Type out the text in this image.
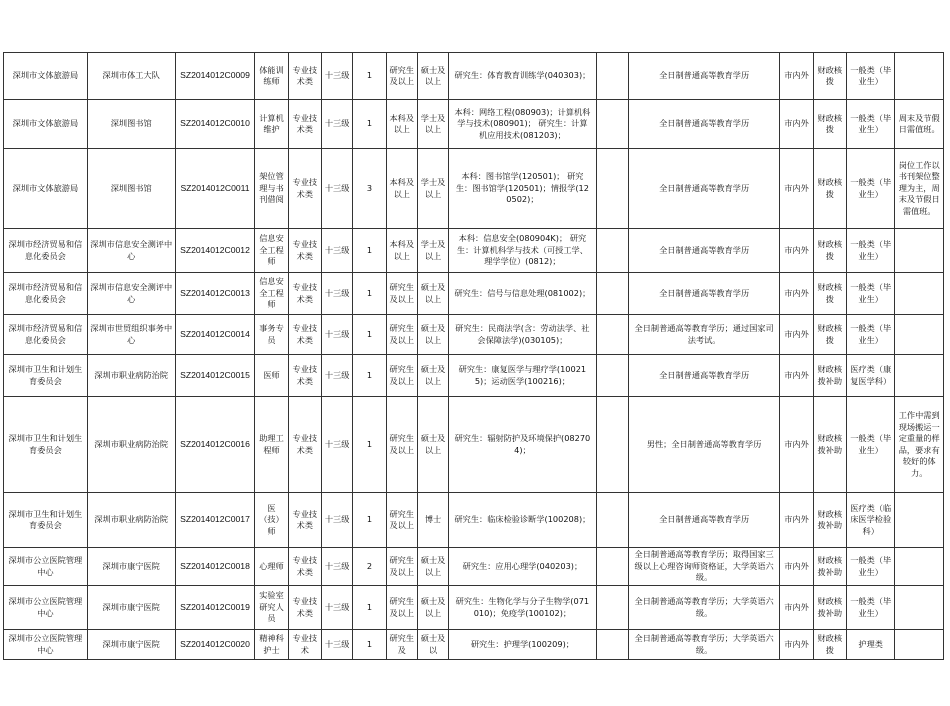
深圳市文体旅游局	深圳市体工大队	SZ2014012C0009	体能训练师	专业技术类	十三级	1	研究生及以上	硕士及以上	研究生：体育教育训练学(040303)；		全日制普通高等教育学历	市内外	财政核拨	一般类（毕业生）	
深圳市文体旅游局	深圳图书馆	SZ2014012C0010	计算机维护	专业技术类	十三级	1	本科及以上	学士及以上	本科：网络工程(080903)；计算机科学与技术(080901)； 研究生：计算机应用技术(081203)；		全日制普通高等教育学历	市内外	财政核拨	一般类（毕业生）	周末及节假日需值班。
深圳市文体旅游局	深圳图书馆	SZ2014012C0011	架位管理与书刊借阅	专业技术类	十三级	3	本科及以上	学士及以上	本科：图书馆学(120501)； 研究生：图书馆学(120501)；情报学(120502)；		全日制普通高等教育学历	市内外	财政核拨	一般类（毕业生）	岗位工作以书刊架位整理为主，周末及节假日需值班。
深圳市经济贸易和信息化委员会	深圳市信息安全测评中心	SZ2014012C0012	信息安全工程师	专业技术类	十三级	1	本科及以上	学士及以上	本科：信息安全(080904K)； 研究生：计算机科学与技术（可授工学、理学学位）(0812)；		全日制普通高等教育学历	市内外	财政核拨	一般类（毕业生）	
深圳市经济贸易和信息化委员会	深圳市信息安全测评中心	SZ2014012C0013	信息安全工程师	专业技术类	十三级	1	研究生及以上	硕士及以上	研究生：信号与信息处理(081002)；		全日制普通高等教育学历	市内外	财政核拨	一般类（毕业生）	
深圳市经济贸易和信息化委员会	深圳市世贸组织事务中心	SZ2014012C0014	事务专员	专业技术类	十三级	1	研究生及以上	硕士及以上	研究生：民商法学(含：劳动法学、社会保障法学)(030105)；		全日制普通高等教育学历；通过国家司法考试。	市内外	财政核拨	一般类（毕业生）	
深圳市卫生和计划生育委员会	深圳市职业病防治院	SZ2014012C0015	医师	专业技术类	十三级	1	研究生及以上	硕士及以上	研究生：康复医学与理疗学(100215)；运动医学(100216)；		全日制普通高等教育学历	市内外	财政核拨补助	医疗类（康复医学科）	
深圳市卫生和计划生育委员会	深圳市职业病防治院	SZ2014012C0016	助理工程师	专业技术类	十三级	1	研究生及以上	硕士及以上	研究生：辐射防护及环境保护(082704)；		男性；全日制普通高等教育学历	市内外	财政核拨补助	一般类（毕业生）	工作中需到现场搬运一定重量的样品，要求有较好的体力。
深圳市卫生和计划生育委员会	深圳市职业病防治院	SZ2014012C0017	医（技）师	专业技术类	十三级	1	研究生及以上	博士	研究生：临床检验诊断学(100208)；		全日制普通高等教育学历	市内外	财政核拨补助	医疗类（临床医学检验科）	
深圳市公立医院管理中心	深圳市康宁医院	SZ2014012C0018	心理师	专业技术类	十三级	2	研究生及以上	硕士及以上	研究生：应用心理学(040203)；		全日制普通高等教育学历；取得国家三级以上心理咨询师资格证，大学英语六级。	市内外	财政核拨补助	一般类（毕业生）	
深圳市公立医院管理中心	深圳市康宁医院	SZ2014012C0019	实验室研究人员	专业技术类	十三级	1	研究生及以上	硕士及以上	研究生：生物化学与分子生物学(071010)；免疫学(100102)；		全日制普通高等教育学历；大学英语六级。	市内外	财政核拨补助	一般类（毕业生）	
深圳市公立医院管理中心	深圳市康宁医院	SZ2014012C0020	精神科护士	专业技术	十三级	1	研究生及	硕士及以	研究生：护理学(100209)；		全日制普通高等教育学历；大学英语六级。	市内外	财政核拨	护理类	
